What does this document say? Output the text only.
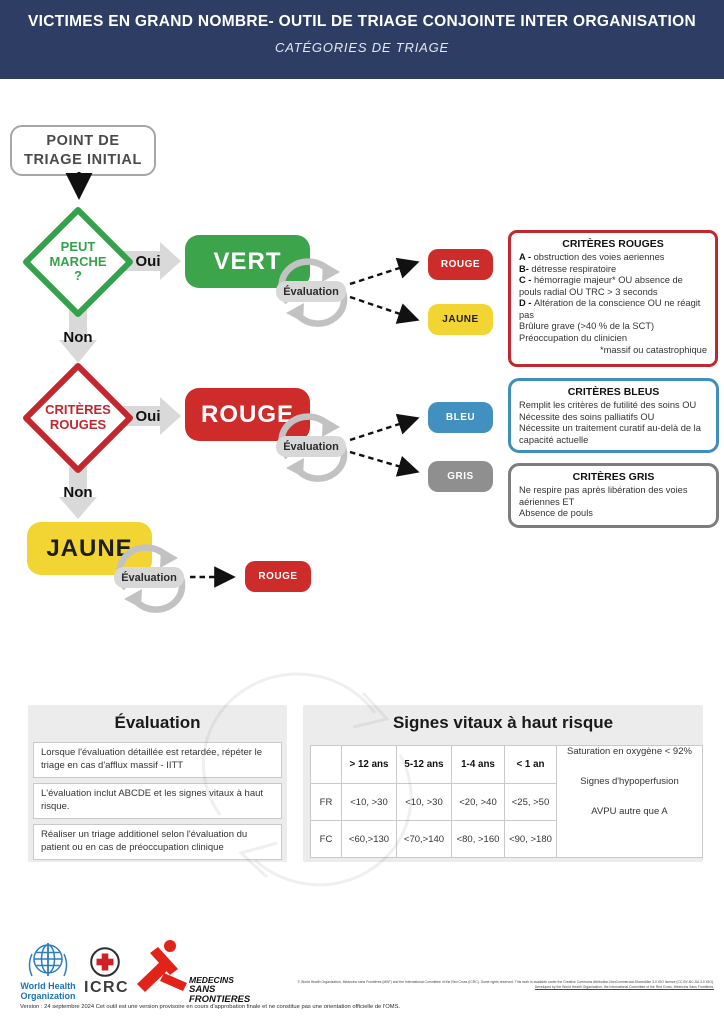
VICTIMES EN GRAND NOMBRE- OUTIL DE TRIAGE CONJOINTE INTER ORGANISATION
CATÉGORIES DE TRIAGE
POINT DE
TRIAGE INITIAL
PEUT
MARCHE
?
CRITÈRES
ROUGES
Oui
Oui
Non
Non
VERT
ROUGE
JAUNE
Évaluation
Évaluation
Évaluation
ROUGE
JAUNE
BLEU
GRIS
ROUGE
CRITÈRES ROUGES
A - obstruction des voies aeriennes
B- détresse respiratoire
C - hémorragie majeur* OU absence de pouls radial OU TRC > 3 seconds
D - Altération de la conscience OU ne réagit pas
Brûlure grave (>40 % de la SCT)
Préoccupation du clinicien
*massif ou catastrophique
CRITÈRES BLEUS
Remplit les critères de futilité des soins OU
Nécessite des soins palliatifs OU
Nécessite un traitement curatif au-delà de la capacité actuelle
CRITÈRES GRIS
Ne respire pas après libération des voies aériennes ET
Absence de pouls
Évaluation
Lorsque l'évaluation détaillée est retardée, répéter le triage en cas d'afflux massif - IITT
L'évaluation inclut ABCDE et les signes vitaux à haut risque.
Réaliser un triage additionel selon l'évaluation du patient ou en cas de préoccupation clinique
Signes vitaux à haut risque
	> 12 ans	5-12 ans	1-4 ans	< 1 an	Saturation en oxygène < 92%
Signes d'hypoperfusion
AVPU autre que A

FR	<10, >30	<10, >30	<20, >40	<25, >50	
FC	<60,>130	<70,>140	<80, >160	<90, >180	
World Health
Organization ICRC	MEDECINS
SANS FRONTIERES
© World Health Organization, Médecins sans Frontières (MSF) and the International Committee of the Red Cross (ICRC). Some rights reserved. This work is available under the Creative Commons Attribution-NonCommercial-ShareAlike 3.0 IGO licence (CC BY-NC-SA 3.0 IGO).
Developed by the World Health Organization, the International Committee of the Red Cross, Médecins Sans Frontières.
Version : 24 septembre 2024 Cet outil est une version provisoire en cours d'approbation finale et ne constitue pas une orientation officielle de l'OMS.
